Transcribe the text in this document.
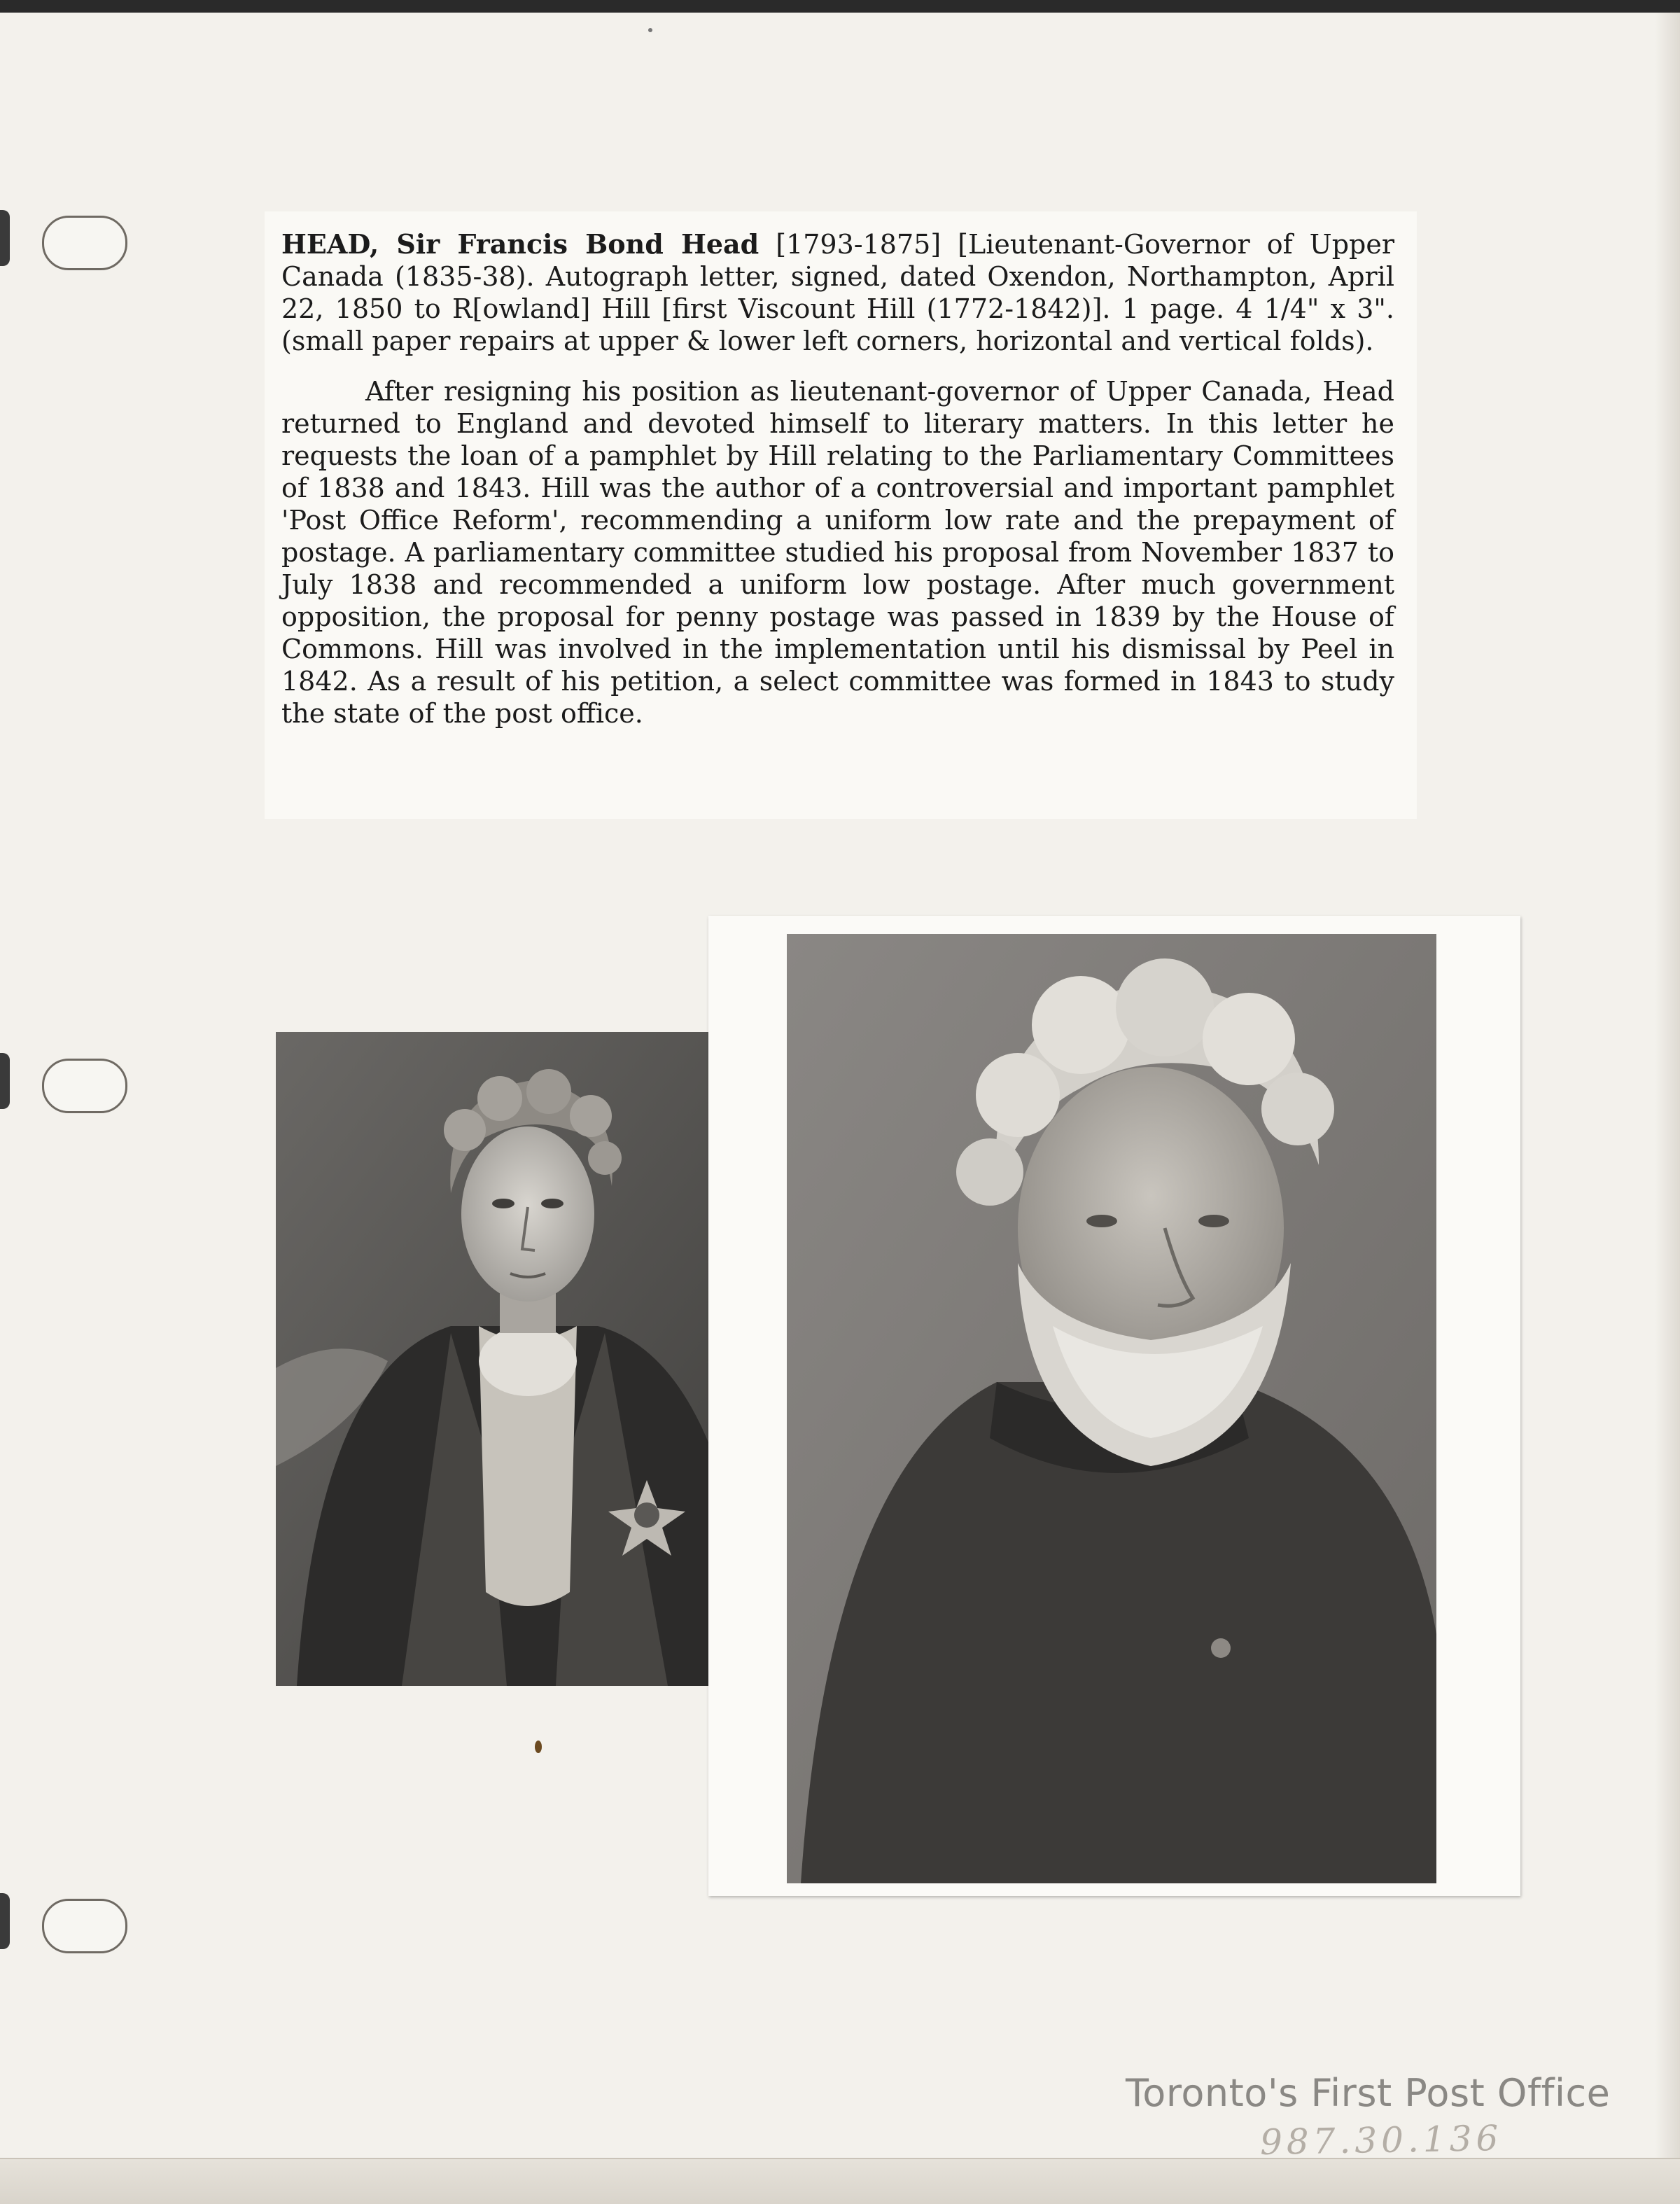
HEAD, Sir Francis Bond Head [1793-1875] [Lieutenant-Governor of Upper Canada (1835-38). Autograph letter, signed, dated Oxendon, Northampton, April 22, 1850 to R[owland] Hill [first Viscount Hill (1772-1842)]. 1 page. 4 1/4" x 3". (small paper repairs at upper & lower left corners, horizontal and vertical folds).

After resigning his position as lieutenant-governor of Upper Canada, Head returned to England and devoted himself to literary matters. In this letter he requests the loan of a pamphlet by Hill relating to the Parliamentary Committees of 1838 and 1843. Hill was the author of a controversial and important pamphlet 'Post Office Reform', recommending a uniform low rate and the prepayment of postage. A parliamentary committee studied his proposal from November 1837 to July 1838 and recommended a uniform low postage. After much government opposition, the proposal for penny postage was passed in 1839 by the House of Commons. Hill was involved in the implementation until his dismissal by Peel in 1842. As a result of his petition, a select committee was formed in 1843 to study the state of the post office.

Toronto's First Post Office
987.30.136
